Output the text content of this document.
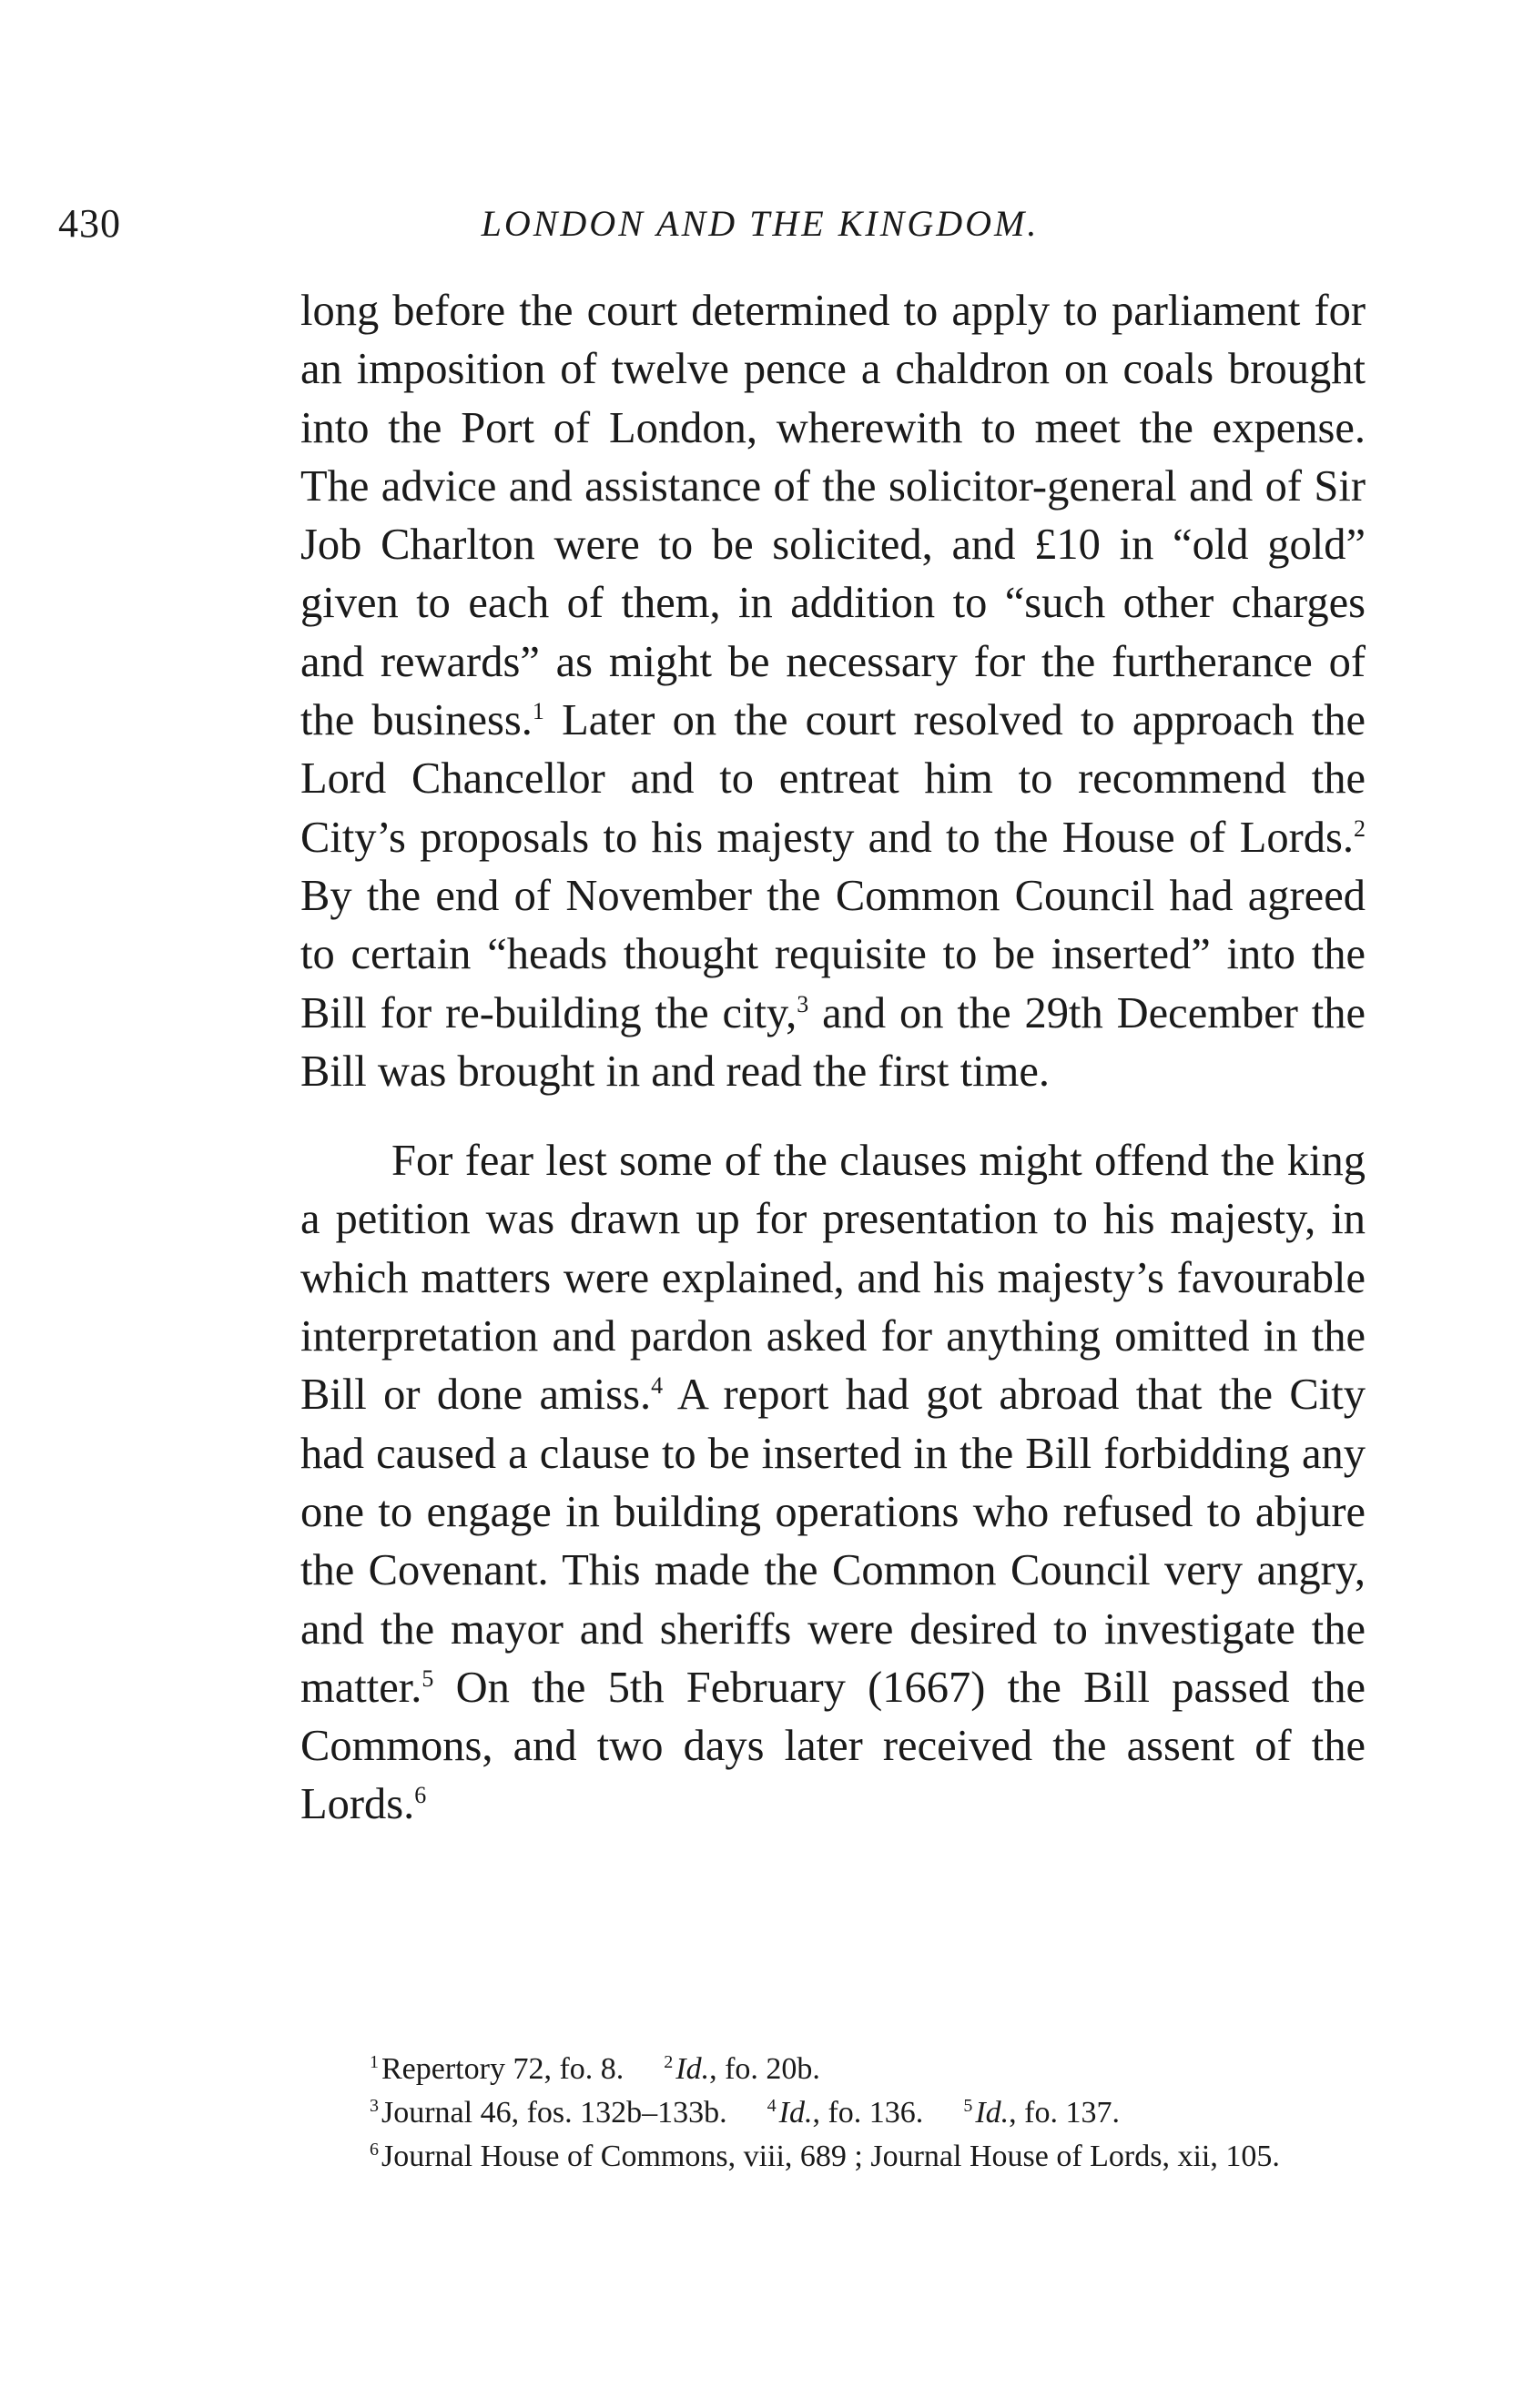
430	LONDON AND THE KINGDOM.

long before the court determined to apply to parliament for an imposition of twelve pence a chaldron on coals brought into the Port of London, wherewith to meet the expense. The advice and assistance of the solicitor-general and of Sir Job Charlton were to be solicited, and £10 in “old gold” given to each of them, in addition to “such other charges and rewards” as might be necessary for the furtherance of the business.$^1$ Later on the court resolved to approach the Lord Chancellor and to entreat him to recommend the City’s proposals to his majesty and to the House of Lords.$^2$ By the end of November the Common Council had agreed to certain “heads thought requisite to be inserted” into the Bill for re-building the city,$^3$ and on the 29th December the Bill was brought in and read the first time.

For fear lest some of the clauses might offend the king a petition was drawn up for presentation to his majesty, in which matters were explained, and his majesty’s favourable interpretation and pardon asked for anything omitted in the Bill or done amiss.$^4$ A report had got abroad that the City had caused a clause to be inserted in the Bill forbidding any one to engage in building operations who refused to abjure the Covenant. This made the Common Council very angry, and the mayor and sheriffs were desired to investigate the matter.$^5$ On the 5th February (1667) the Bill passed the Commons, and two days later received the assent of the Lords.$^6$

$^1$Repertory 72, fo. 8. $^2$Id., fo. 20b.
$^3$Journal 46, fos. 132b–133b. $^4$Id., fo. 136. $^5$Id., fo. 137.
$^6$Journal House of Commons, viii, 689 ; Journal House of Lords, xii, 105.
